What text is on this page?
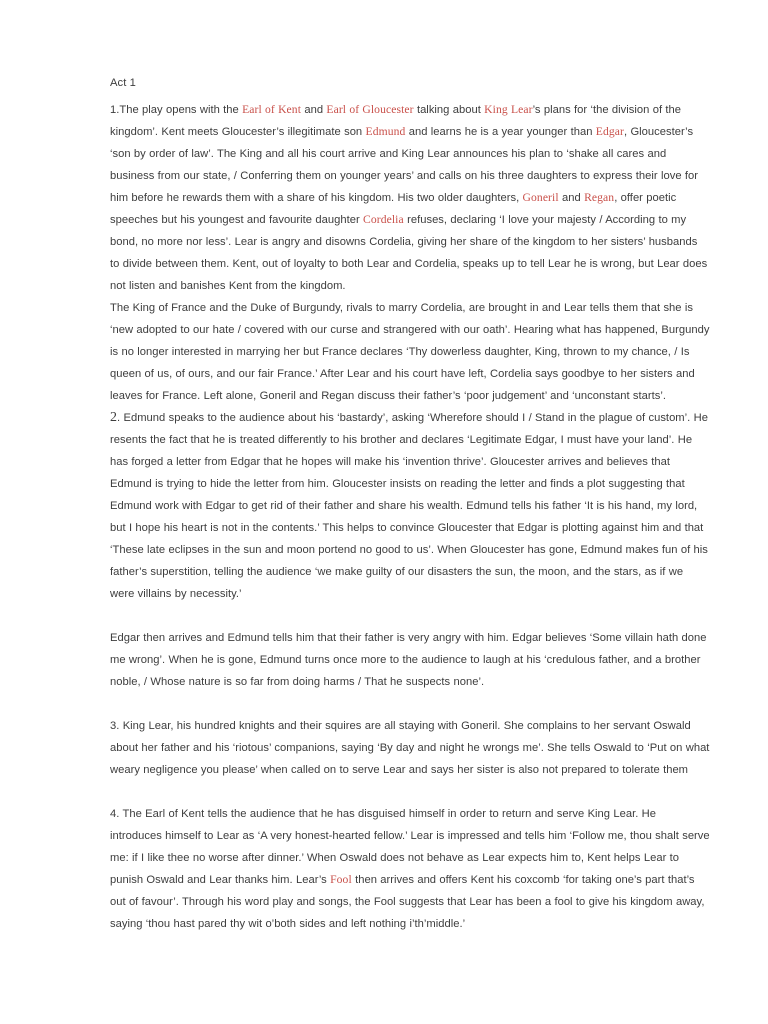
Act 1

1.The play opens with the Earl of Kent and Earl of Gloucester talking about King Lear’s plans for ‘the division of the kingdom’. Kent meets Gloucester’s illegitimate son Edmund and learns he is a year younger than Edgar, Gloucester’s ‘son by order of law’. The King and all his court arrive and King Lear announces his plan to ‘shake all cares and business from our state, / Conferring them on younger years’ and calls on his three daughters to express their love for him before he rewards them with a share of his kingdom. His two older daughters, Goneril and Regan, offer poetic speeches but his youngest and favourite daughter Cordelia refuses, declaring ‘I love your majesty / According to my bond, no more nor less’. Lear is angry and disowns Cordelia, giving her share of the kingdom to her sisters’ husbands to divide between them. Kent, out of loyalty to both Lear and Cordelia, speaks up to tell Lear he is wrong, but Lear does not listen and banishes Kent from the kingdom.

The King of France and the Duke of Burgundy, rivals to marry Cordelia, are brought in and Lear tells them that she is ‘new adopted to our hate / covered with our curse and strangered with our oath’. Hearing what has happened, Burgundy is no longer interested in marrying her but France declares ‘Thy dowerless daughter, King, thrown to my chance, / Is queen of us, of ours, and our fair France.’ After Lear and his court have left, Cordelia says goodbye to her sisters and leaves for France. Left alone, Goneril and Regan discuss their father’s ‘poor judgement’ and ‘unconstant starts’.

2. Edmund speaks to the audience about his ‘bastardy’, asking ‘Wherefore should I / Stand in the plague of custom’. He resents the fact that he is treated differently to his brother and declares ‘Legitimate Edgar, I must have your land’. He has forged a letter from Edgar that he hopes will make his ‘invention thrive’. Gloucester arrives and believes that Edmund is trying to hide the letter from him. Gloucester insists on reading the letter and finds a plot suggesting that Edmund work with Edgar to get rid of their father and share his wealth. Edmund tells his father ‘It is his hand, my lord, but I hope his heart is not in the contents.’ This helps to convince Gloucester that Edgar is plotting against him and that ‘These late eclipses in the sun and moon portend no good to us’. When Gloucester has gone, Edmund makes fun of his father’s superstition, telling the audience ‘we make guilty of our disasters the sun, the moon, and the stars, as if we were villains by necessity.’

Edgar then arrives and Edmund tells him that their father is very angry with him. Edgar believes ‘Some villain hath done me wrong’. When he is gone, Edmund turns once more to the audience to laugh at his ‘credulous father, and a brother noble, / Whose nature is so far from doing harms / That he suspects none’.

3. King Lear, his hundred knights and their squires are all staying with Goneril. She complains to her servant Oswald about her father and his ‘riotous’ companions, saying ‘By day and night he wrongs me’. She tells Oswald to ‘Put on what weary negligence you please’ when called on to serve Lear and says her sister is also not prepared to tolerate them

4. The Earl of Kent tells the audience that he has disguised himself in order to return and serve King Lear. He introduces himself to Lear as ‘A very honest-hearted fellow.’ Lear is impressed and tells him ‘Follow me, thou shalt serve me: if I like thee no worse after dinner.’ When Oswald does not behave as Lear expects him to, Kent helps Lear to punish Oswald and Lear thanks him. Lear’s Fool then arrives and offers Kent his coxcomb ‘for taking one’s part that’s out of favour’. Through his word play and songs, the Fool suggests that Lear has been a fool to give his kingdom away, saying ‘thou hast pared thy wit o’both sides and left nothing i’th’middle.’
